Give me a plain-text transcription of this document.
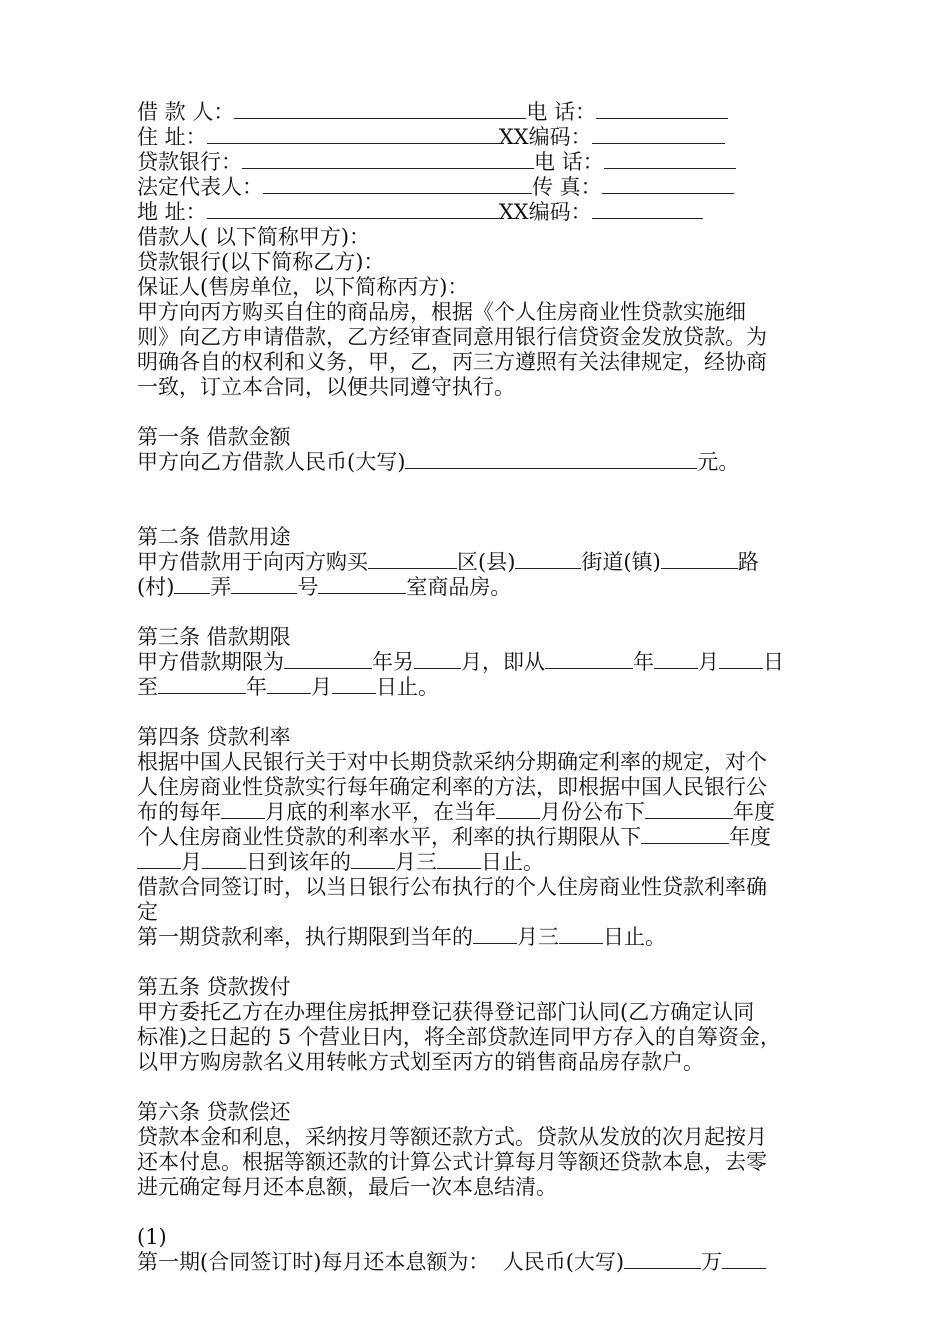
借 款 人：	电 话：
住 址：	XX编码：
贷款银行：	电 话：
法定代表人：	传 真：
地 址：	XX编码：
借款人( 以下简称甲方)：
贷款银行(以下简称乙方)：
保证人(售房单位，以下简称丙方)：
甲方向丙方购买自住的商品房，根据《个人住房商业性贷款实施细
则》向乙方申请借款，乙方经审查同意用银行信贷资金发放贷款。为
明确各自的权利和义务，甲，乙，丙三方遵照有关法律规定，经协商
一致，订立本合同，以便共同遵守执行。
第一条 借款金额
甲方向乙方借款人民币(大写)	元。
第二条 借款用途
甲方借款用于向丙方购买	区(县)	街道(镇)	路
(村) 弄	号	室商品房。
第三条 借款期限
甲方借款期限为	年另 月，即从	年 月 日
至	年 月 日止。
第四条 贷款利率
根据中国人民银行关于对中长期贷款采纳分期确定利率的规定，对个
人住房商业性贷款实行每年确定利率的方法，即根据中国人民银行公
布的每年 月底的利率水平，在当年 月份公布下	年度
个人住房商业性贷款的利率水平，利率的执行期限从下	年度
月 日到该年的 月三 日止。
借款合同签订时，以当日银行公布执行的个人住房商业性贷款利率确
定
第一期贷款利率，执行期限到当年的 月三 日止。
第五条 贷款拨付
甲方委托乙方在办理住房抵押登记获得登记部门认同(乙方确定认同
标准)之日起的 5 个营业日内，将全部贷款连同甲方存入的自筹资金，
以甲方购房款名义用转帐方式划至丙方的销售商品房存款户。
第六条 贷款偿还
贷款本金和利息，采纳按月等额还款方式。贷款从发放的次月起按月
还本付息。根据等额还款的计算公式计算每月等额还贷款本息，去零
进元确定每月还本息额，最后一次本息结清。
(1)
第一期(合同签订时)每月还本息额为：  人民币(大写)	万
